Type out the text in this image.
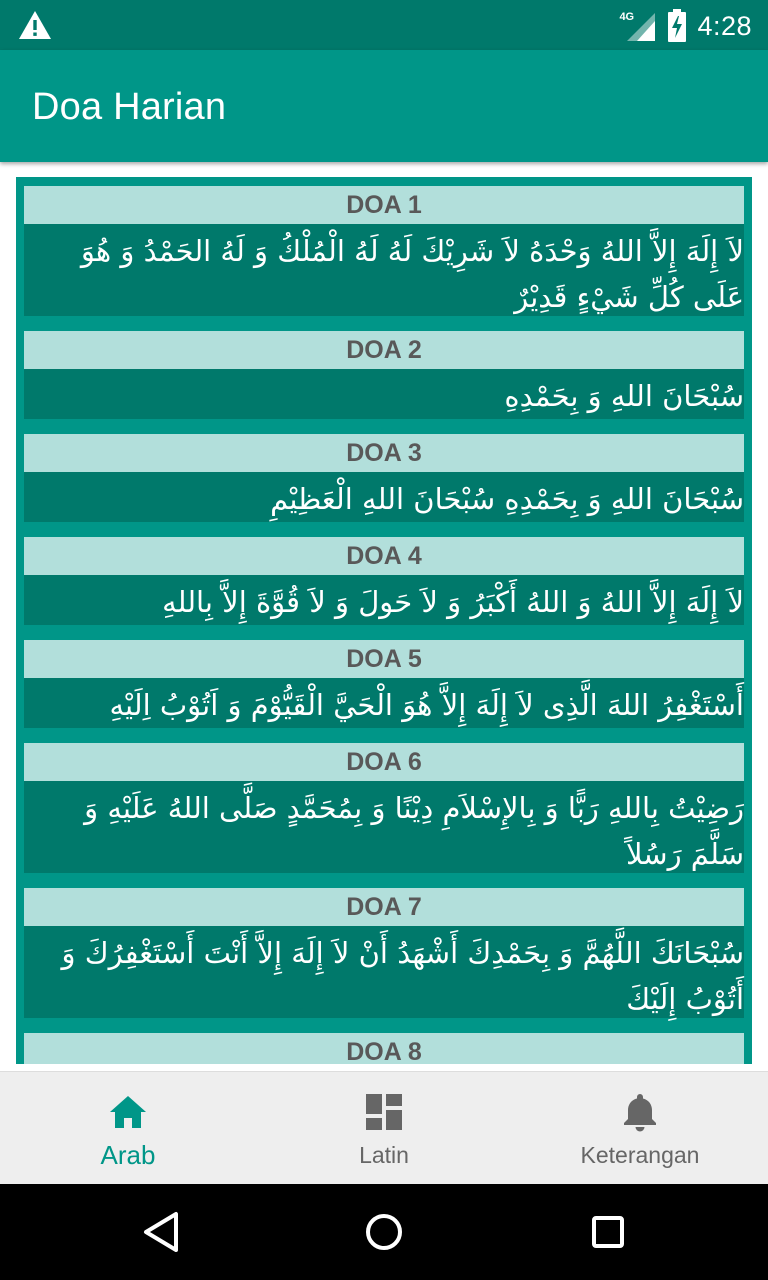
4G 4:28
Doa Harian
DOA 1
لاَ إِلَهَ إِلاَّ اللهُ وَحْدَهُ لاَ شَرِيْكَ لَهُ لَهُ الْمُلْكُ وَ لَهُ الحَمْدُ وَ هُوَ عَلَى كُلِّ شَيْءٍ قَدِيْرٌ
DOA 2
سُبْحَانَ اللهِ وَ بِحَمْدِهِ
DOA 3
سُبْحَانَ اللهِ وَ بِحَمْدِهِ سُبْحَانَ اللهِ الْعَظِيْمِ
DOA 4
لاَ إِلَهَ إِلاَّ اللهُ وَ اللهُ أَكْبَرُ وَ لاَ حَولَ وَ لاَ قُوَّةَ إِلاَّ بِاللهِ
DOA 5
أَسْتَغْفِرُ اللهَ الَّذِى لاَ إِلَهَ إِلاَّ هُوَ الْحَيَّ الْقَيُّوْمَ وَ اَتُوْبُ اِلَيْهِ
DOA 6
رَضِيْتُ بِاللهِ رَبًّا وَ بِالإِسْلاَمِ دِيْنًا وَ بِمُحَمَّدٍ صَلَّى اللهُ عَلَيْهِ وَ سَلَّمَ رَسُلاً
DOA 7
سُبْحَانَكَ اللَّهُمَّ وَ بِحَمْدِكَ أَشْهَدُ أَنْ لاَ إِلَهَ إِلاَّ أَنْتَ أَسْتَغْفِرُكَ وَ أَتُوْبُ إِلَيْكَ
DOA 8
Arab	Latin	Keterangan
